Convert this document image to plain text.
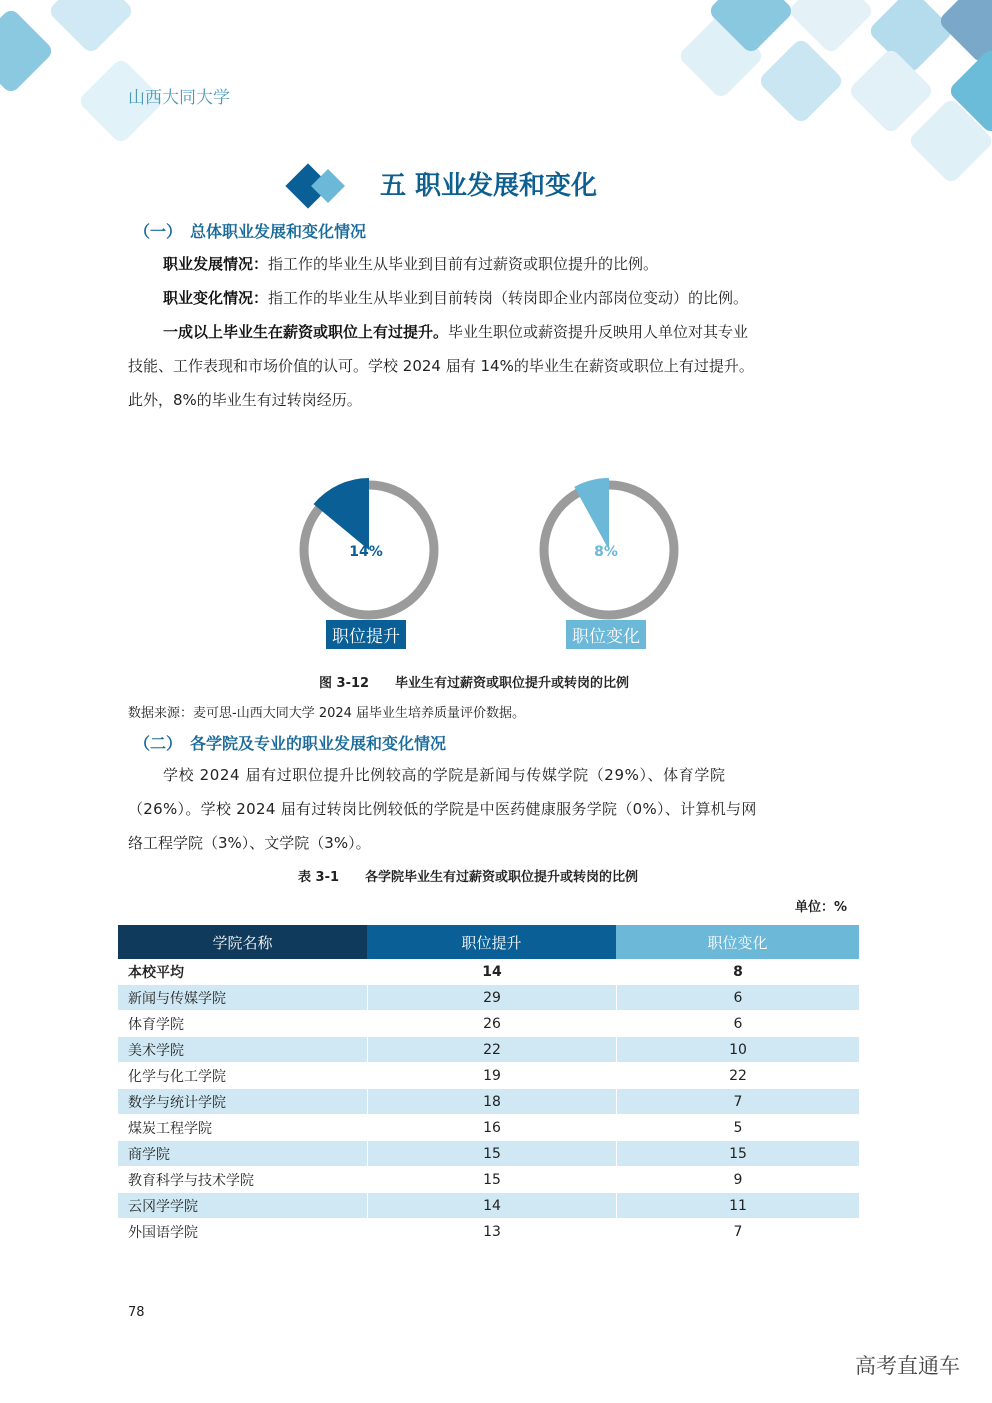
山西大同大学
五 职业发展和变化
（一）　总体职业发展和变化情况
职业发展情况：指工作的毕业生从毕业到目前有过薪资或职位提升的比例。
职业变化情况：指工作的毕业生从毕业到目前转岗（转岗即企业内部岗位变动）的比例。
一成以上毕业生在薪资或职位上有过提升。毕业生职位或薪资提升反映用人单位对其专业
技能、工作表现和市场价值的认可。学校 2024 届有 14%的毕业生在薪资或职位上有过提升。
此外，8%的毕业生有过转岗经历。
14%	8%
职位提升	职位变化
图 3-12　　毕业生有过薪资或职位提升或转岗的比例
数据来源：麦可思-山西大同大学 2024 届毕业生培养质量评价数据。
（二）　各学院及专业的职业发展和变化情况
学校 2024 届有过职位提升比例较高的学院是新闻与传媒学院（29%）、体育学院
（26%）。学校 2024 届有过转岗比例较低的学院是中医药健康服务学院（0%）、计算机与网
络工程学院（3%）、文学院（3%）。
表 3-1　　各学院毕业生有过薪资或职位提升或转岗的比例
单位：%
学院名称	职位提升	职位变化
本校平均	14	8
新闻与传媒学院	29	6
体育学院	26	6
美术学院	22	10
化学与化工学院	19	22
数学与统计学院	18	7
煤炭工程学院	16	5
商学院	15	15
教育科学与技术学院	15	9
云冈学学院	14	11
外国语学院	13	7
78
高考直通车
